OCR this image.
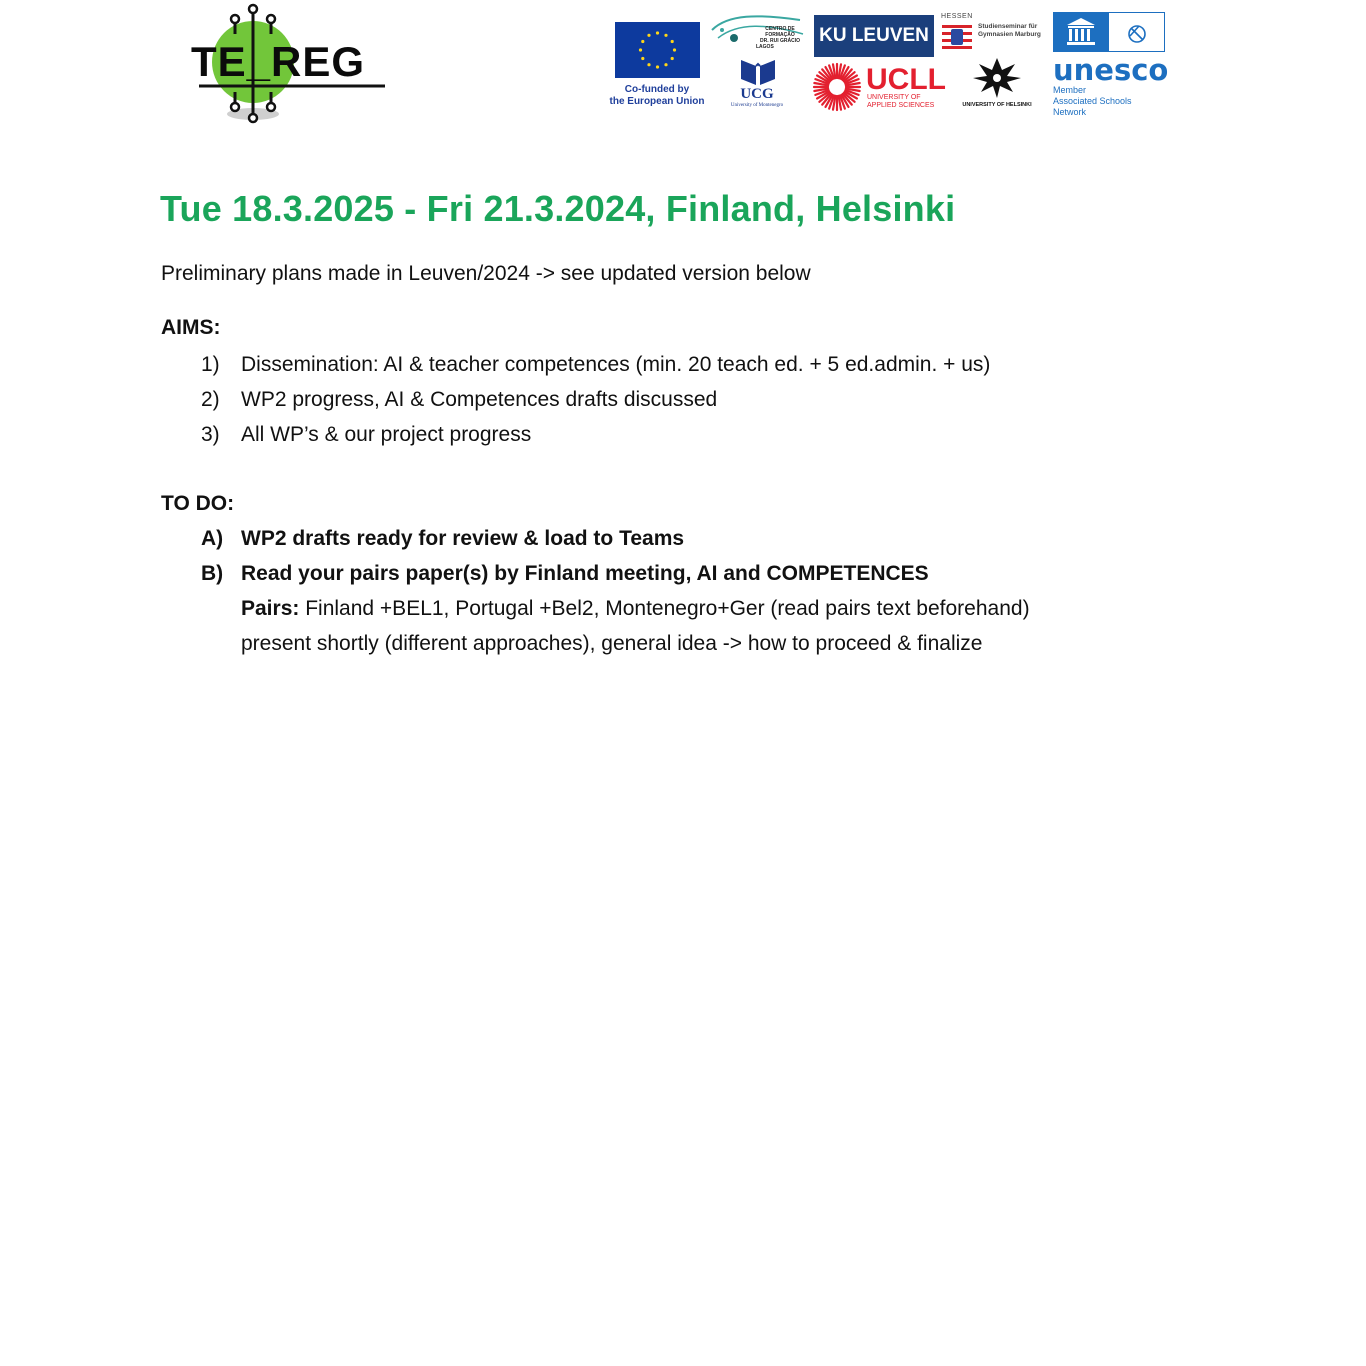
TE_REG
Co-funded by
the European Union
CENTRO DE FORMAÇÃO
DR. RUI GRÁCIO
LAGOS
UCG
University of Montenegro
KU LEUVEN
UCLL
UNIVERSITY OF
APPLIED SCIENCES
HESSEN
Studienseminar für
Gymnasien Marburg
UNIVERSITY OF HELSINKI
unesco
Member
Associated Schools
Network
Tue 18.3.2025 - Fri 21.3.2024, Finland, Helsinki
Preliminary plans made in Leuven/2024 -> see updated version below
AIMS:
1) Dissemination: AI & teacher competences (min. 20 teach ed. + 5 ed.admin. + us)
2) WP2 progress, AI & Competences drafts discussed
3) All WP’s & our project progress
TO DO:
A) WP2 drafts ready for review & load to Teams
B) Read your pairs paper(s) by Finland meeting, AI and COMPETENCES
Pairs: Finland +BEL1, Portugal +Bel2, Montenegro+Ger (read pairs text beforehand)
present shortly (different approaches), general idea -> how to proceed & finalize
